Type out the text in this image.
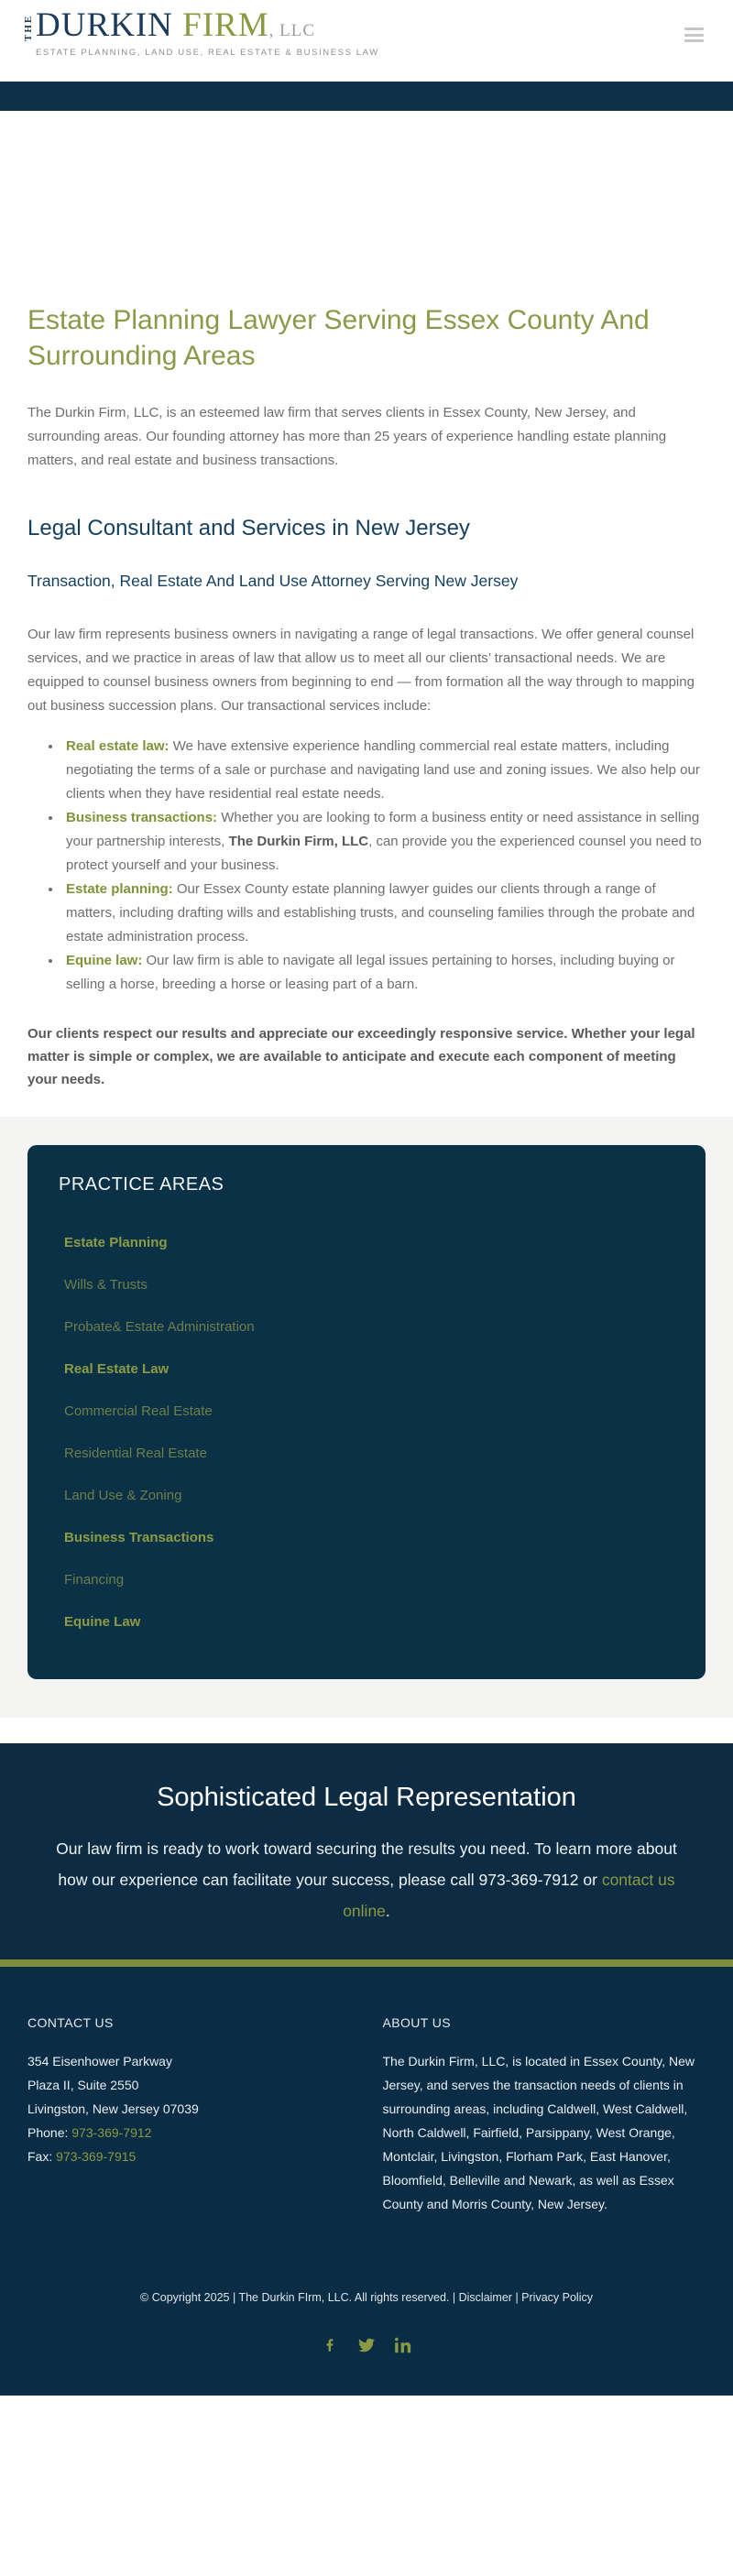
THE DURKIN FIRM, LLC
ESTATE PLANNING, LAND USE, REAL ESTATE & BUSINESS LAW
Estate Planning Lawyer Serving Essex County And Surrounding Areas

The Durkin Firm, LLC, is an esteemed law firm that serves clients in Essex County, New Jersey, and surrounding areas. Our founding attorney has more than 25 years of experience handling estate planning matters, and real estate and business transactions.

Legal Consultant and Services in New Jersey
Transaction, Real Estate And Land Use Attorney Serving New Jersey

Our law firm represents business owners in navigating a range of legal transactions. We offer general counsel services, and we practice in areas of law that allow us to meet all our clients’ transactional needs. We are equipped to counsel business owners from beginning to end — from formation all the way through to mapping out business succession plans. Our transactional services include:

• Real estate law: We have extensive experience handling commercial real estate matters, including negotiating the terms of a sale or purchase and navigating land use and zoning issues. We also help our clients when they have residential real estate needs.
• Business transactions: Whether you are looking to form a business entity or need assistance in selling your partnership interests, The Durkin Firm, LLC, can provide you the experienced counsel you need to protect yourself and your business.
• Estate planning: Our Essex County estate planning lawyer guides our clients through a range of matters, including drafting wills and establishing trusts, and counseling families through the probate and estate administration process.
• Equine law: Our law firm is able to navigate all legal issues pertaining to horses, including buying or selling a horse, breeding a horse or leasing part of a barn.

Our clients respect our results and appreciate our exceedingly responsive service. Whether your legal matter is simple or complex, we are available to anticipate and execute each component of meeting your needs.

PRACTICE AREAS
Estate Planning
Wills & Trusts
Probate& Estate Administration
Real Estate Law
Commercial Real Estate
Residential Real Estate
Land Use & Zoning
Business Transactions
Financing
Equine Law
Sophisticated Legal Representation

Our law firm is ready to work toward securing the results you need. To learn more about how our experience can facilitate your success, please call 973-369-7912 or contact us online.

CONTACT US
354 Eisenhower Parkway
Plaza II, Suite 2550
Livingston, New Jersey 07039
Phone: 973-369-7912
Fax: 973-369-7915
ABOUT US

The Durkin Firm, LLC, is located in Essex County, New Jersey, and serves the transaction needs of clients in surrounding areas, including Caldwell, West Caldwell, North Caldwell, Fairfield, Parsippany, West Orange, Montclair, Livingston, Florham Park, East Hanover, Bloomfield, Belleville and Newark, as well as Essex County and Morris County, New Jersey.

© Copyright 2025 | The Durkin FIrm, LLC. All rights reserved. | Disclaimer | Privacy Policy
